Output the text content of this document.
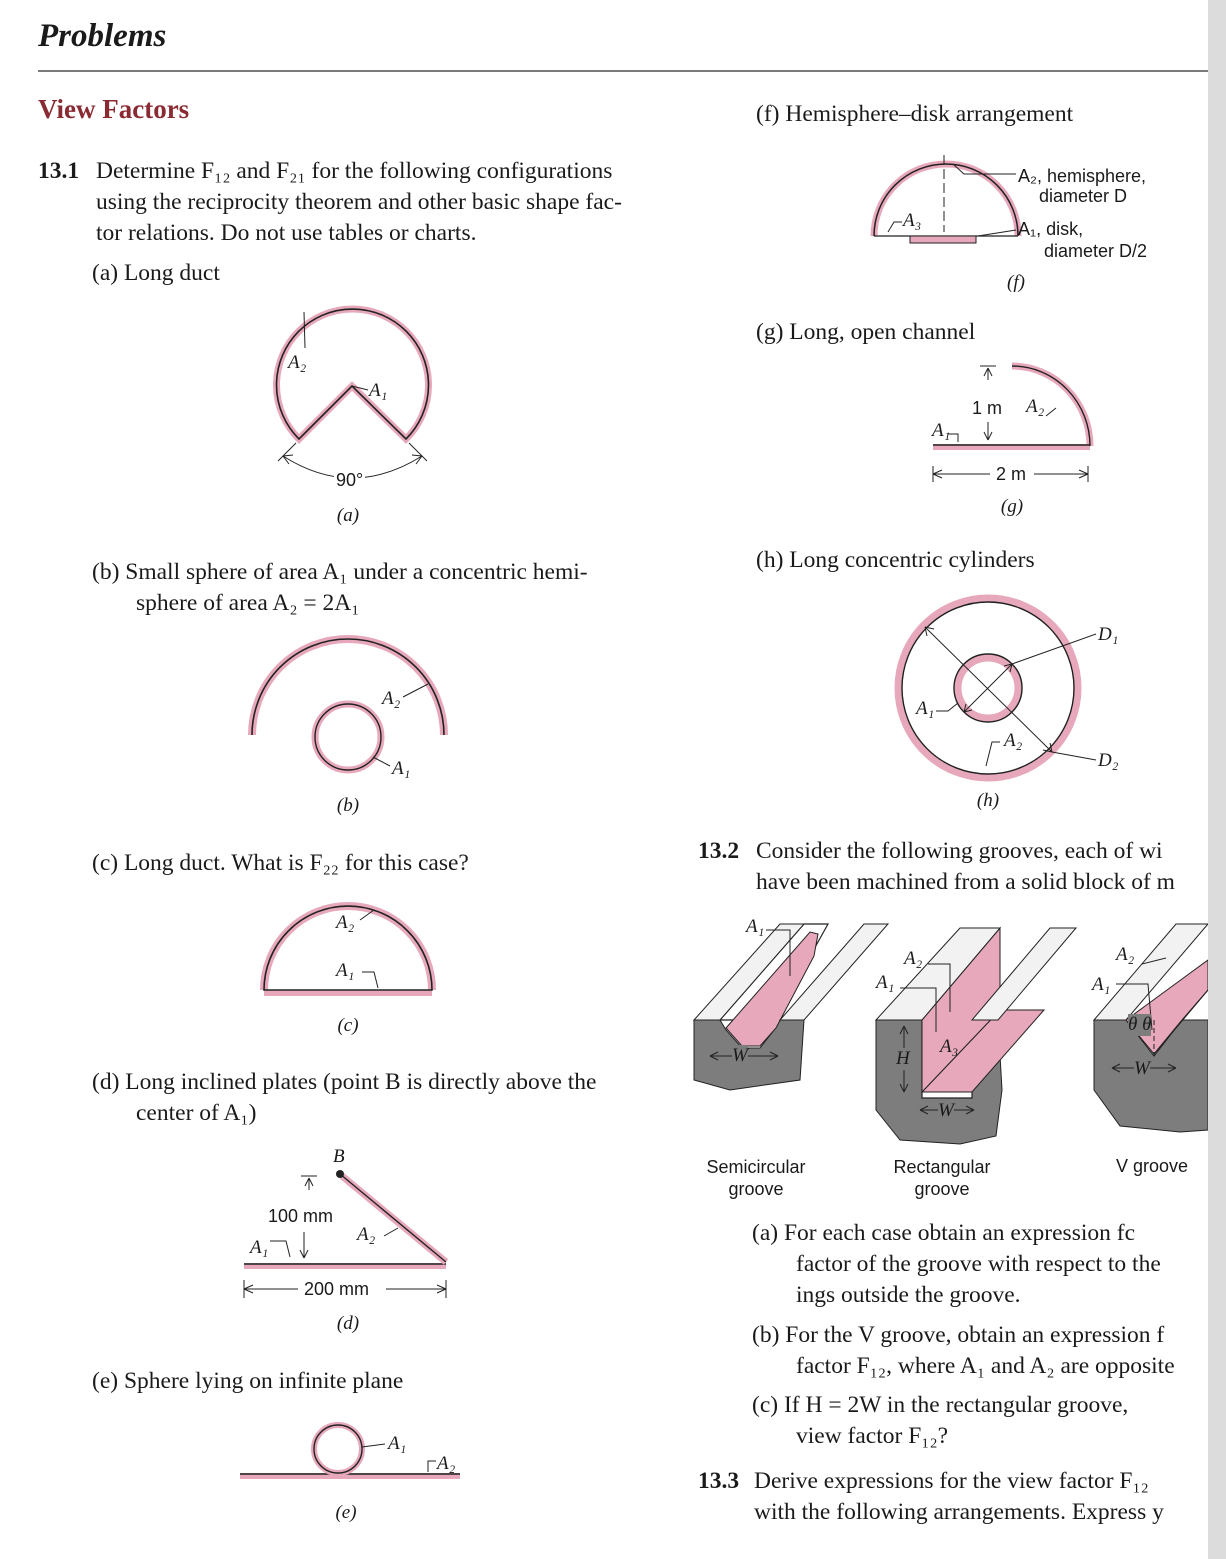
Problems
View Factors
13.1 Determine F₁₂ and F₂₁ for the following configurations
using the reciprocity theorem and other basic shape fac-
tor relations. Do not use tables or charts.
(a) Long duct
A₂
A₁
90°
(a)
(b) Small sphere of area A₁ under a concentric hemi-
sphere of area A₂ = 2A₁
A₂
A₁
(b)
(c) Long duct. What is F₂₂ for this case?
A₂
A₁
(c)
(d) Long inclined plates (point B is directly above the
center of A₁)
B
100 mm
A₁
A₂
200 mm
(d)
(e) Sphere lying on infinite plane
A₁
A₂
(e)
(f) Hemisphere–disk arrangement
A₃
A₂, hemisphere,
diameter D
A₁, disk,
diameter D/2
(f)
(g) Long, open channel
1 m A₂
A₁
2 m
(g)
(h) Long concentric cylinders
D₁
D₂
A₁
A₂
(h)
13.2 Consider the following grooves, each of wi
have been machined from a solid block of m
A₁
W
A₁
A₂
A₃
H
W
A₁
A₂
θ θ
W
Semicircular
groove
Rectangular
groove
V groove
(a) For each case obtain an expression fc
factor of the groove with respect to the
ings outside the groove.
(b) For the V groove, obtain an expression f
factor F₁₂, where A₁ and A₂ are opposite
(c) If H = 2W in the rectangular groove,
view factor F₁₂?
13.3 Derive expressions for the view factor F₁₂
with the following arrangements. Express y
